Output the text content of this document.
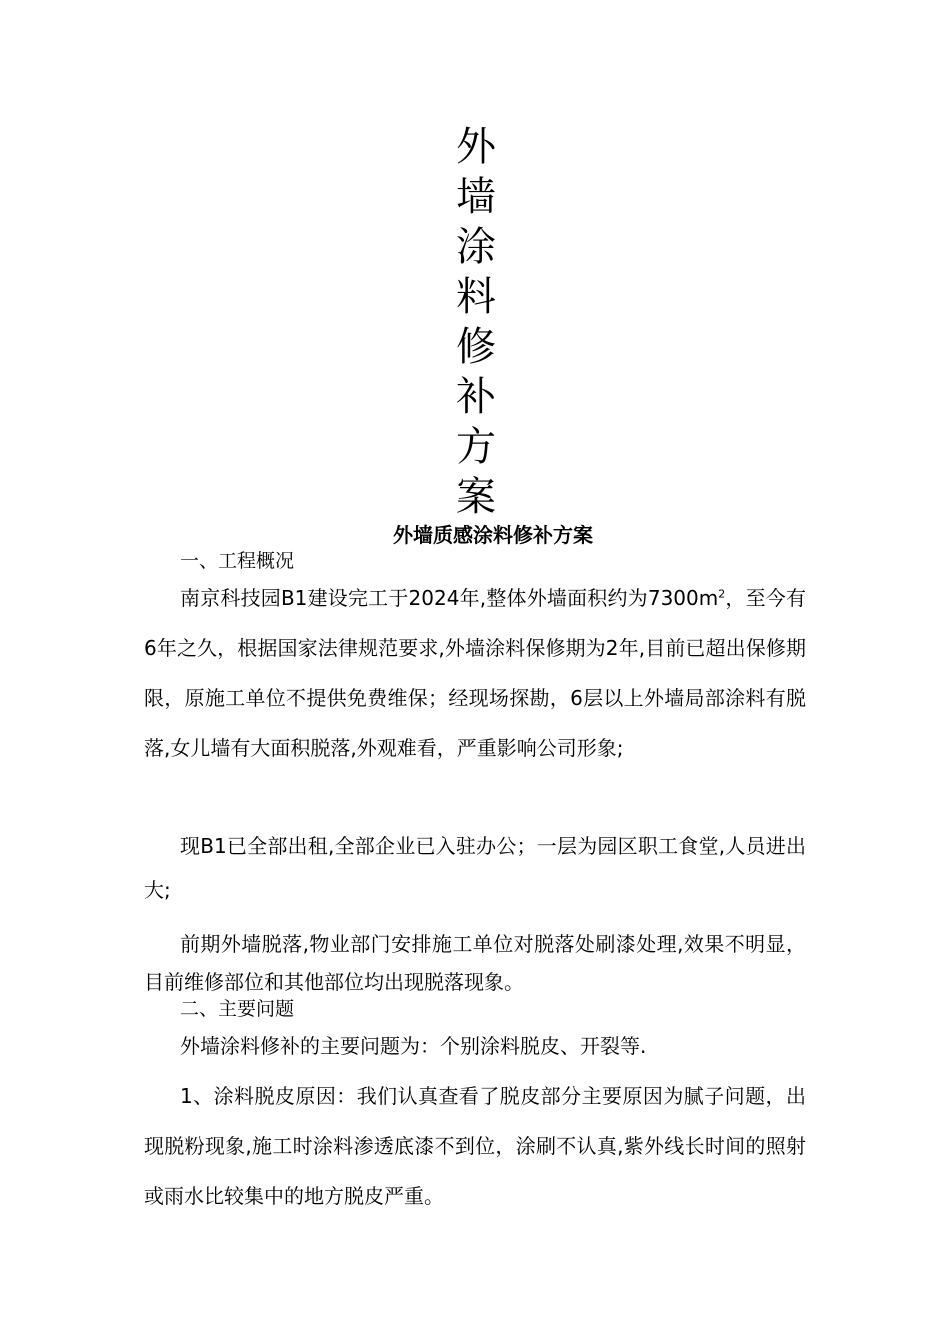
外墙涂料修补方案
外墙质感涂料修补方案
一、工程概况
南京科技园B1建设完工于2024年,整体外墙面积约为$7300m^2$，至今有6年之久，根据国家法律规范要求,外墙涂料保修期为2年,目前已超出保修期限，原施工单位不提供免费维保；经现场探勘，6层以上外墙局部涂料有脱落,女儿墙有大面积脱落,外观难看，严重影响公司形象;
现B1已全部出租,全部企业已入驻办公；一层为园区职工食堂,人员进出大;
前期外墙脱落,物业部门安排施工单位对脱落处刷漆处理,效果不明显，目前维修部位和其他部位均出现脱落现象。
二、主要问题
外墙涂料修补的主要问题为：个别涂料脱皮、开裂等.
1、涂料脱皮原因：我们认真查看了脱皮部分主要原因为腻子问题，出现脱粉现象,施工时涂料渗透底漆不到位，涂刷不认真,紫外线长时间的照射或雨水比较集中的地方脱皮严重。
